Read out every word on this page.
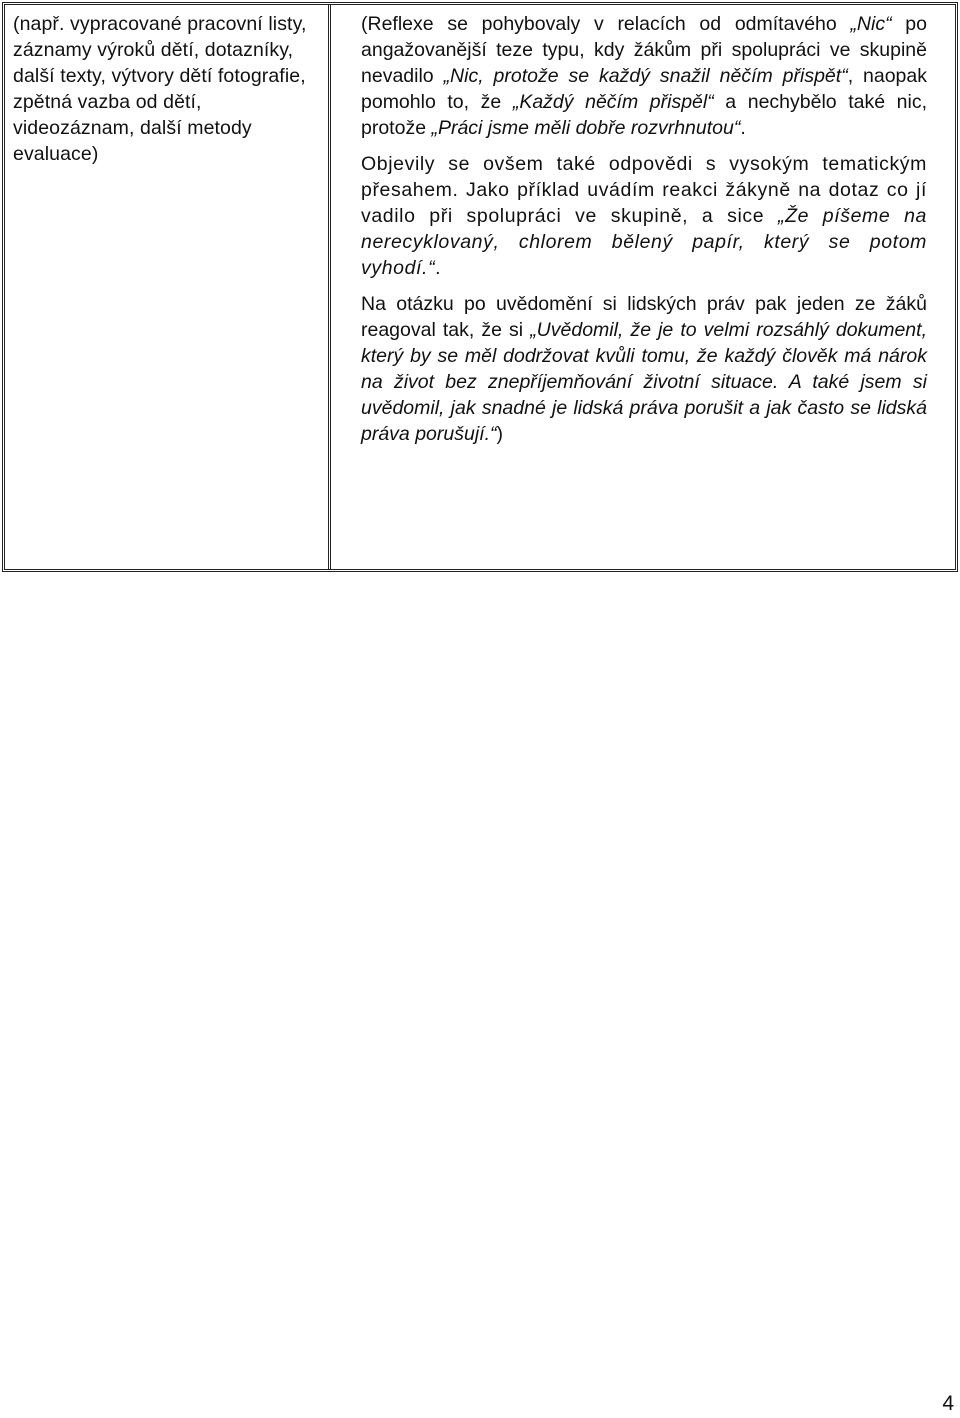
(např. vypracované pracovní listy, záznamy výroků dětí, dotazníky, další texty, výtvory dětí fotografie, zpětná vazba od dětí, videozáznam, další metody evaluace)

(Reflexe se pohybovaly v relacích od odmítavého „Nic“ po angažovanější teze typu, kdy žákům při spolupráci ve skupině nevadilo „Nic, protože se každý snažil něčím přispět“, naopak pomohlo to, že „Každý něčím přispěl“ a nechybělo také nic, protože „Práci jsme měli dobře rozvrhnutou“.

Objevily se ovšem také odpovědi s vysokým tematickým přesahem. Jako příklad uvádím reakci žákyně na dotaz co jí vadilo při spolupráci ve skupině, a sice „Že píšeme na nerecyklovaný, chlorem bělený papír, který se potom vyhodí.“.

Na otázku po uvědomění si lidských práv pak jeden ze žáků reagoval tak, že si „Uvědomil, že je to velmi rozsáhlý dokument, který by se měl dodržovat kvůli tomu, že každý člověk má nárok na život bez znepříjemňování životní situace. A také jsem si uvědomil, jak snadné je lidská práva porušit a jak často se lidská práva porušují.“)

4
